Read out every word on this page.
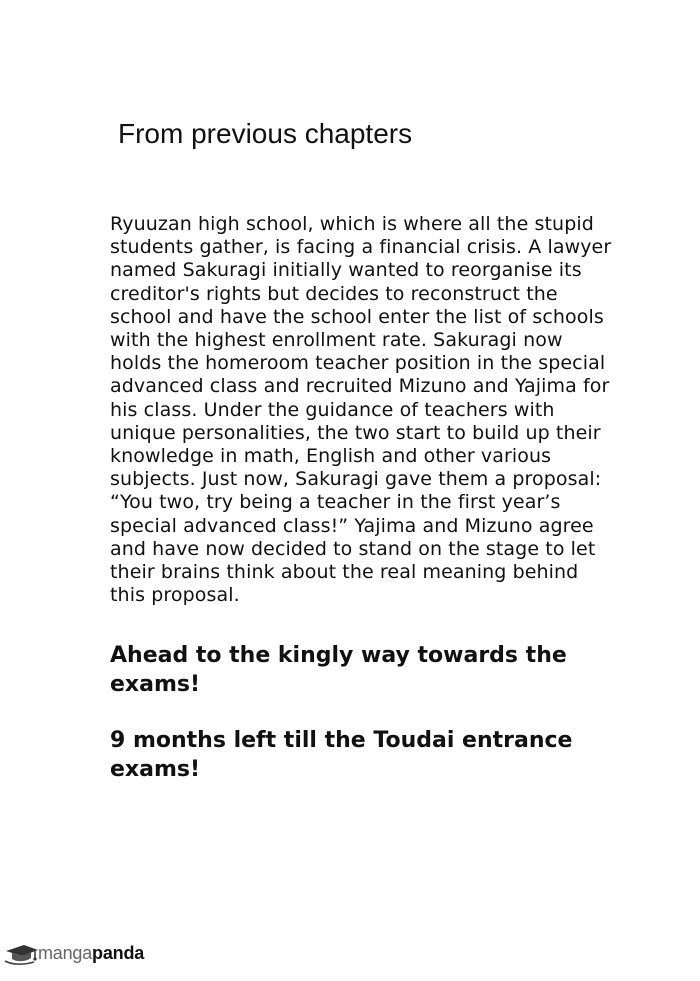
From previous chapters
Ryuuzan high school, which is where all the stupid
students gather, is facing a financial crisis. A lawyer
named Sakuragi initially wanted to reorganise its
creditor's rights but decides to reconstruct the
school and have the school enter the list of schools
with the highest enrollment rate. Sakuragi now
holds the homeroom teacher position in the special
advanced class and recruited Mizuno and Yajima for
his class. Under the guidance of teachers with
unique personalities, the two start to build up their
knowledge in math, English and other various
subjects. Just now, Sakuragi gave them a proposal:
“You two, try being a teacher in the first year’s
special advanced class!” Yajima and Mizuno agree
and have now decided to stand on the stage to let
their brains think about the real meaning behind
this proposal.
Ahead to the kingly way towards the
exams!
9 months left till the Toudai entrance
exams!
mangapanda
